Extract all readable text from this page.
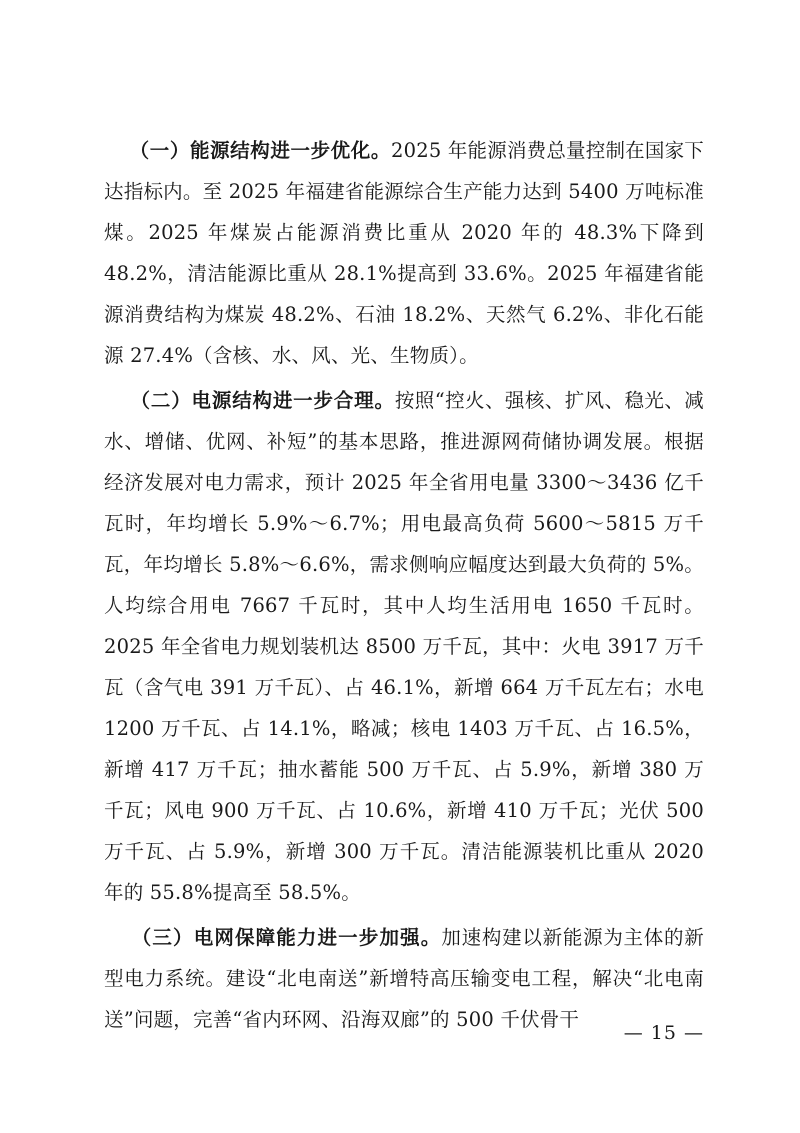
（一）能源结构进一步优化。2025 年能源消费总量控制在国家下达指标内。至 2025 年福建省能源综合生产能力达到 5400 万吨标准煤。2025 年煤炭占能源消费比重从 2020 年的 48.3%下降到 48.2%，清洁能源比重从 28.1%提高到 33.6%。2025 年福建省能源消费结构为煤炭 48.2%、石油 18.2%、天然气 6.2%、非化石能源 27.4%（含核、水、风、光、生物质）。

（二）电源结构进一步合理。按照“控火、强核、扩风、稳光、减水、增储、优网、补短”的基本思路，推进源网荷储协调发展。根据经济发展对电力需求，预计 2025 年全省用电量 3300～3436 亿千瓦时，年均增长 5.9%～6.7%；用电最高负荷 5600～5815 万千瓦，年均增长 5.8%～6.6%，需求侧响应幅度达到最大负荷的 5%。人均综合用电 7667 千瓦时，其中人均生活用电 1650 千瓦时。2025 年全省电力规划装机达 8500 万千瓦，其中：火电 3917 万千瓦（含气电 391 万千瓦）、占 46.1%，新增 664 万千瓦左右；水电 1200 万千瓦、占 14.1%，略减；核电 1403 万千瓦、占 16.5%，新增 417 万千瓦；抽水蓄能 500 万千瓦、占 5.9%，新增 380 万千瓦；风电 900 万千瓦、占 10.6%，新增 410 万千瓦；光伏 500 万千瓦、占 5.9%，新增 300 万千瓦。清洁能源装机比重从 2020 年的 55.8%提高至 58.5%。

（三）电网保障能力进一步加强。加速构建以新能源为主体的新型电力系统。建设“北电南送”新增特高压输变电工程，解决“北电南送”问题，完善“省内环网、沿海双廊”的 500 千伏骨干

— 15 —
